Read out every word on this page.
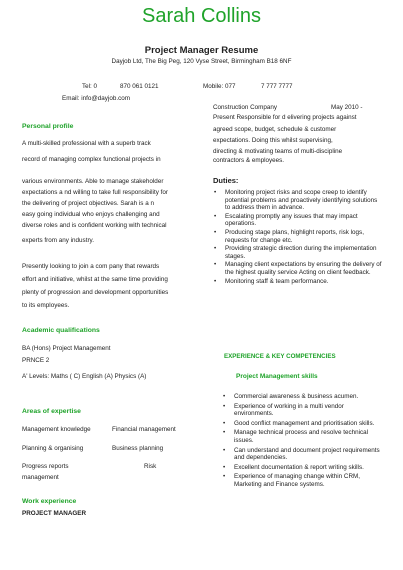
Sarah Collins
Project Manager Resume
Dayjob Ltd, The Big Peg, 120 Vyse Street, Birmingham B18 6NF
Tel: 0	870 061 0121	Mobile: 077	7 777 7777
Email: info@dayjob.com
Personal profile
A multi-skilled professional with a superb track
record of managing complex functional projects in
various environments. Able to manage stakeholder
expectations a nd willing to take full responsibility for
the delivering of project objectives. Sarah is a n
easy going individual who enjoys challenging and
diverse roles and is confident working with technical
experts from any industry.
Presently looking to join a com pany that rewards
effort and initiative, whilst at the same time providing
plenty of progression and development opportunities
to its employees.
Academic qualifications
BA (Hons) Project Management
PRNCE 2
A' Levels: Maths ( C) English (A) Physics (A)
Areas of expertise
Management knowledge	Financial management
Planning & organising	Business planning
Progress reports	Risk
management
Work experience
PROJECT MANAGER
Construction Company	May 2010 -
Present Responsible for d elivering projects against
agreed scope, budget, schedule & customer
expectations. Doing this whilst supervising,
directing & motivating teams of multi-discipline
contractors & employees.
Duties:
• Monitoring project risks and scope creep to identify potential problems and proactively identifying solutions to address them in advance.
• Escalating promptly any issues that may impact operations.
• Producing stage plans, highlight reports, risk logs, requests for change etc.
• Providing strategic direction during the implementation stages.
• Managing client expectations by ensuring the delivery of the highest quality service Acting on client feedback.
• Monitoring staff & team performance.
EXPERIENCE & KEY COMPETENCIES
Project Management skills
• Commercial awareness & business acumen.
• Experience of working in a multi vendor environments.
• Good conflict management and prioritisation skills.
• Manage technical process and resolve technical issues.
• Can understand and document project requirements and dependencies.
• Excellent documentation & report writing skills.
• Experience of managing change within CRM, Marketing and Finance systems.
